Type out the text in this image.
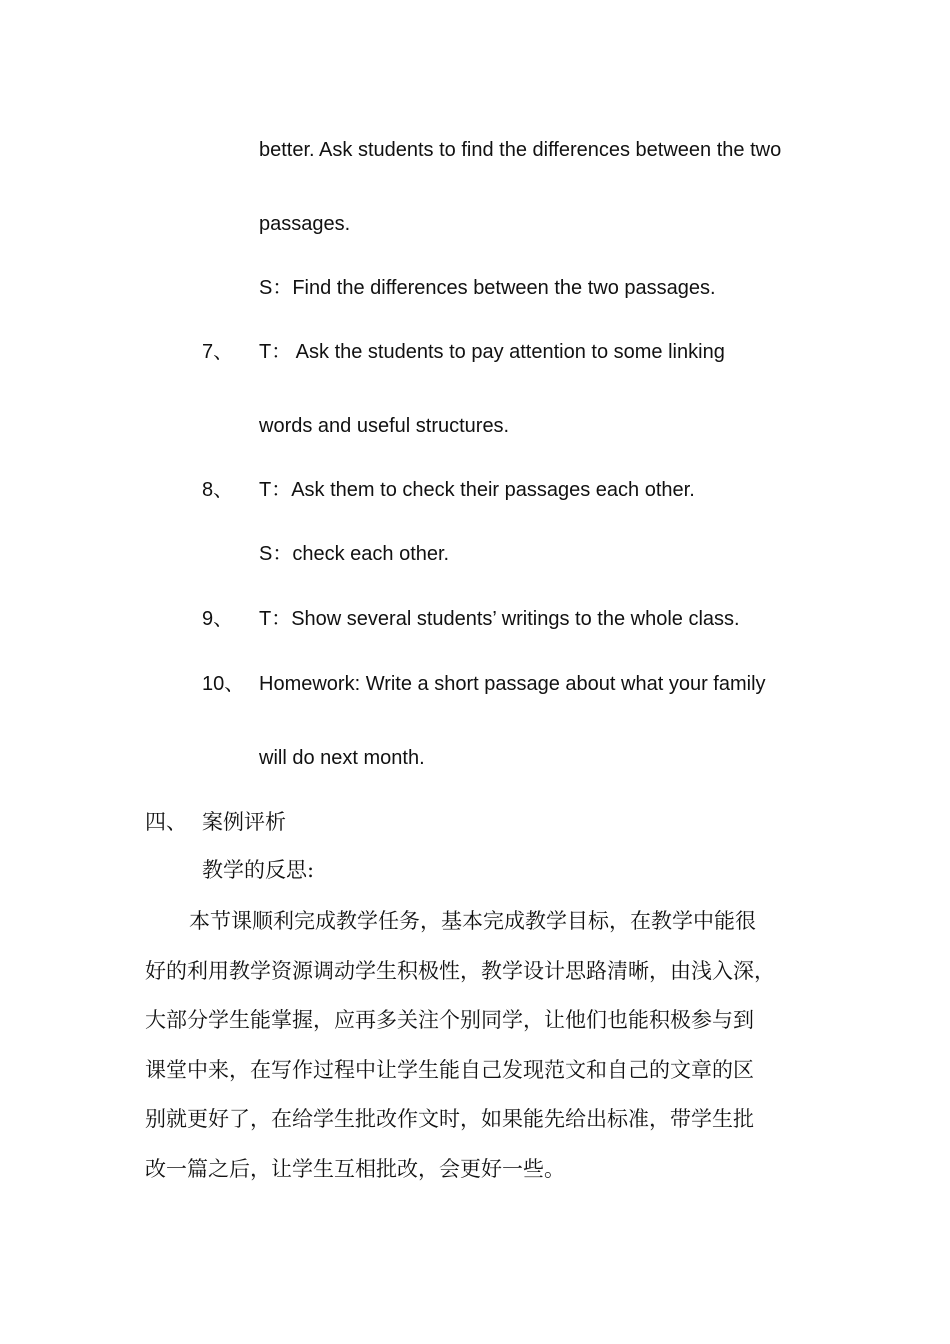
better. Ask students to find the differences between the two
passages.
S：Find the differences between the two passages.
7、 T： Ask the students to pay attention to some linking
words and useful structures.
8、 T：Ask them to check their passages each other.
S：check each other.
9、 T：Show several students’ writings to the whole class.
10、 Homework: Write a short passage about what your family
will do next month.
四、 案例评析
教学的反思:
本节课顺利完成教学任务，基本完成教学目标，在教学中能很
好的利用教学资源调动学生积极性，教学设计思路清晰，由浅入深，
大部分学生能掌握，应再多关注个别同学，让他们也能积极参与到
课堂中来，在写作过程中让学生能自己发现范文和自己的文章的区
别就更好了，在给学生批改作文时，如果能先给出标准，带学生批
改一篇之后，让学生互相批改，会更好一些。
